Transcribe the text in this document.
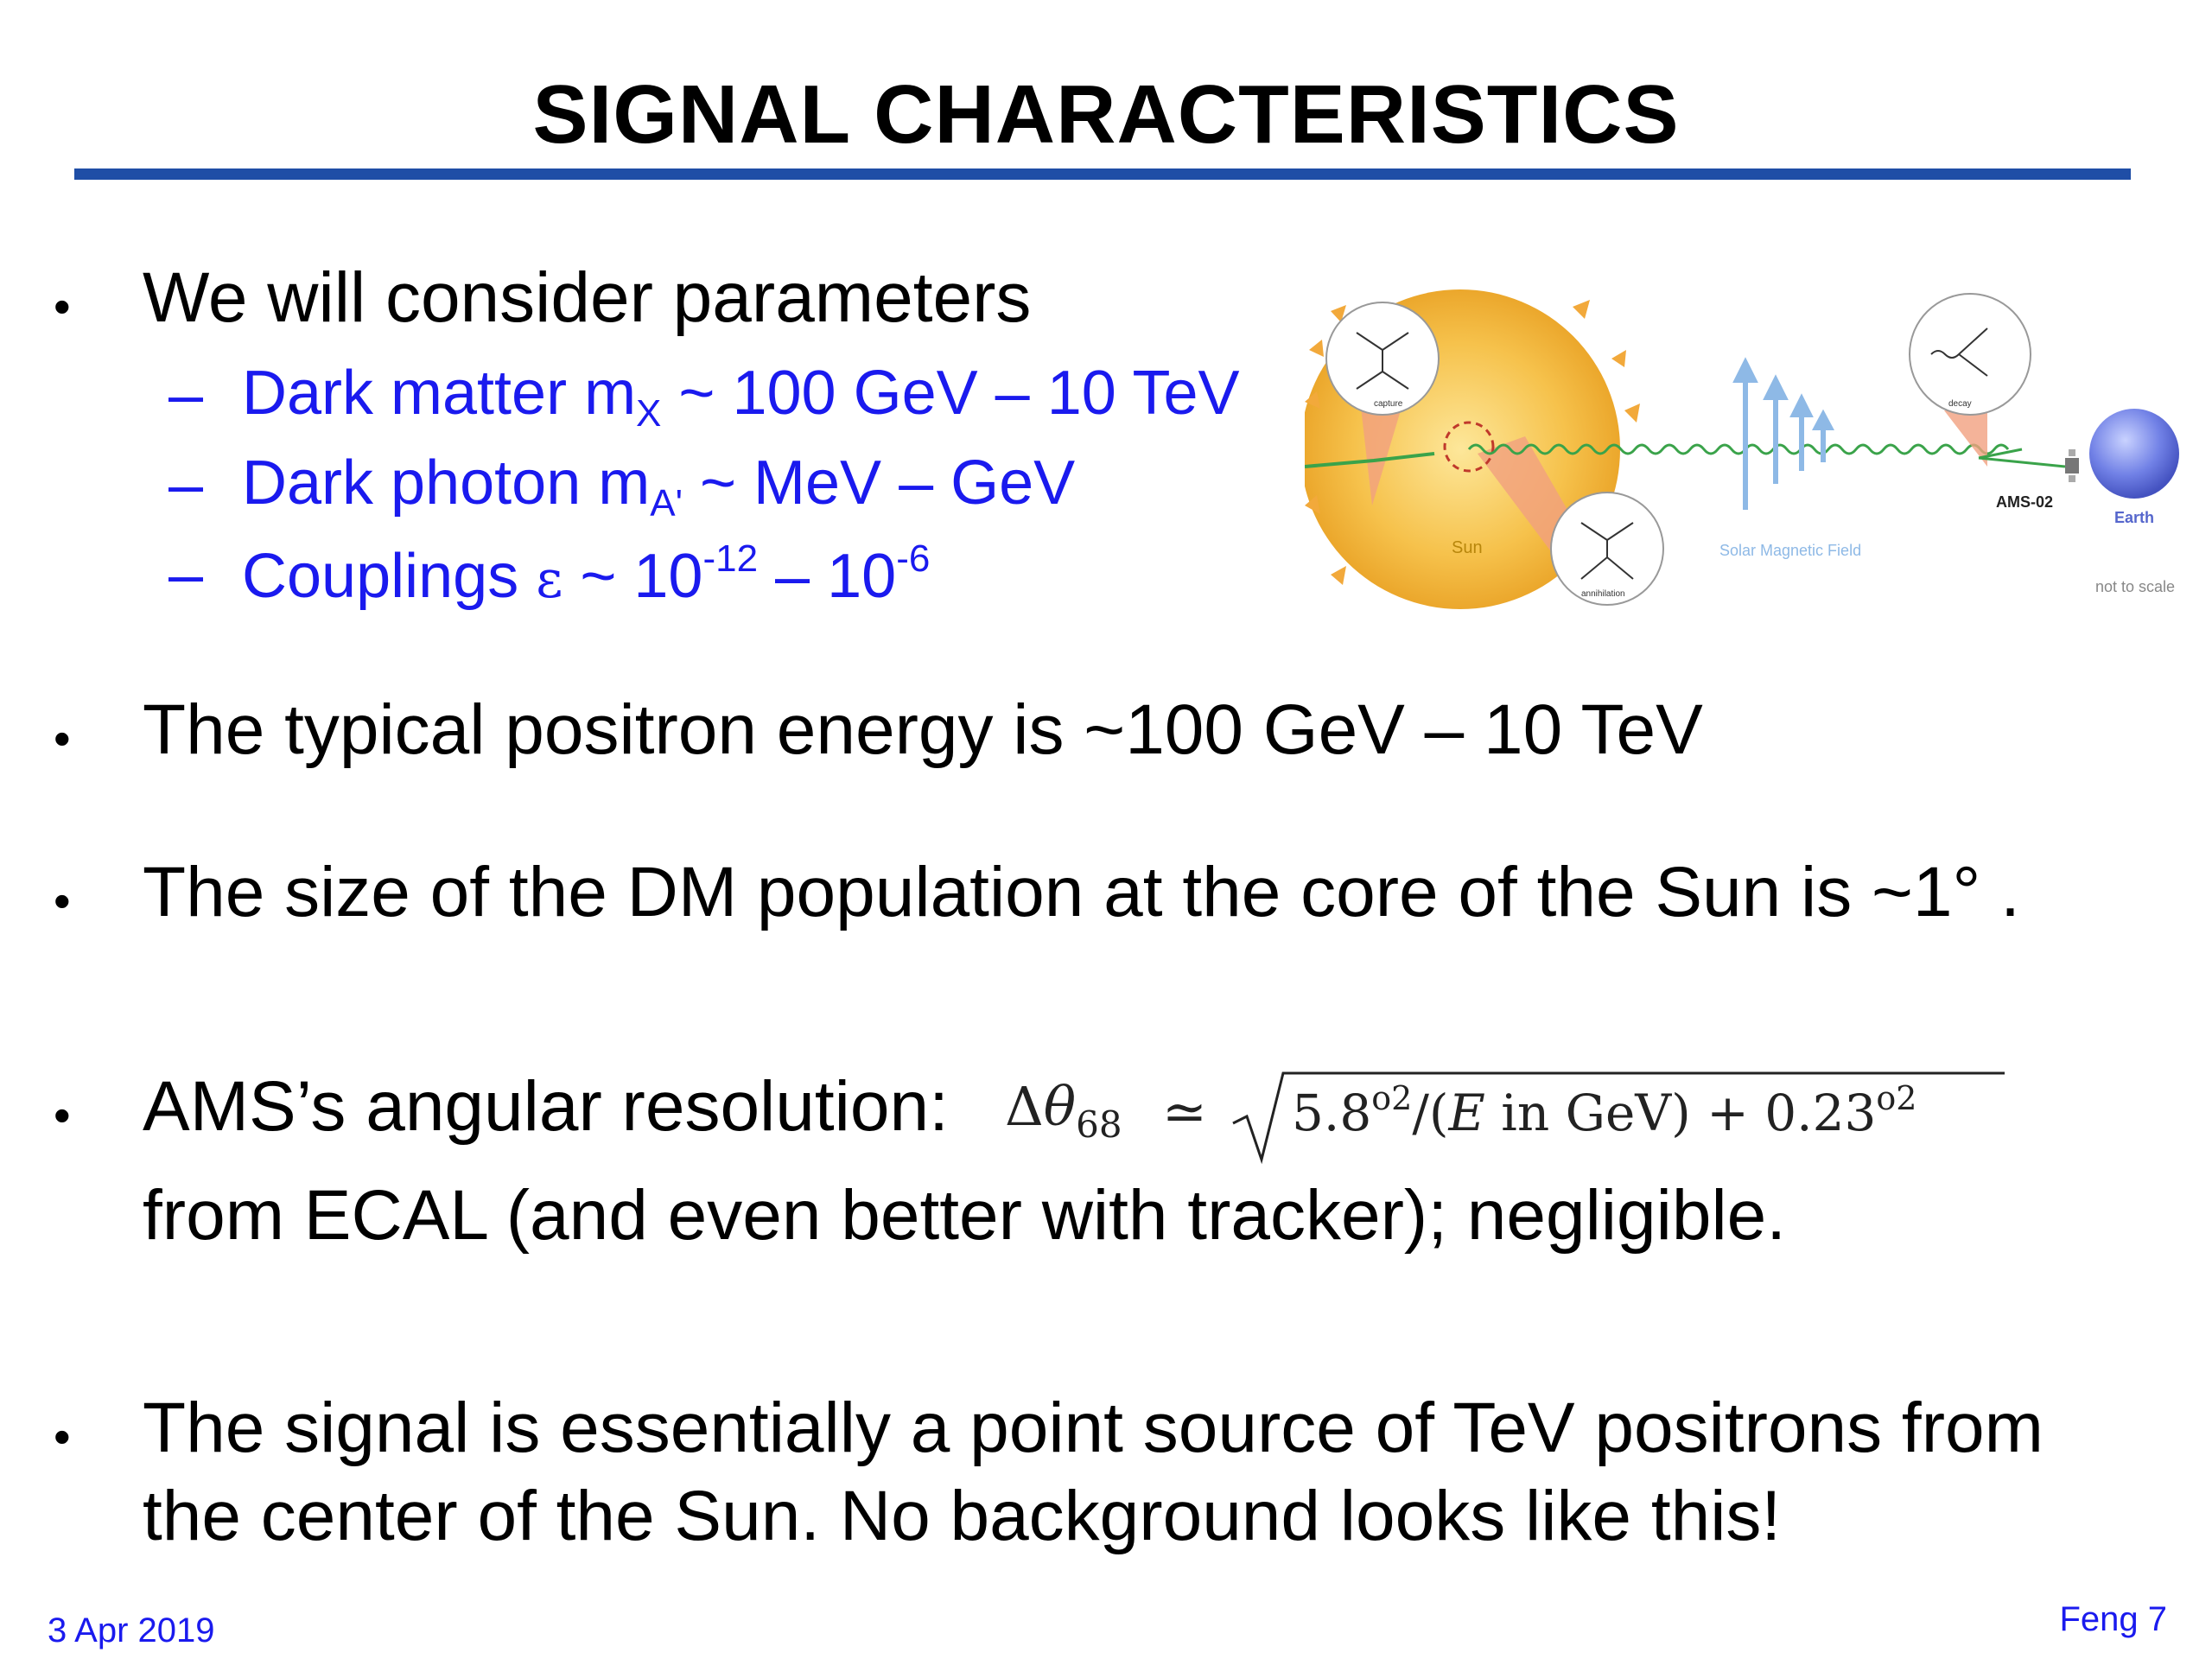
SIGNAL CHARACTERISTICS
• We will consider parameters
– Dark matter $m_X$ ~ 100 GeV – 10 TeV
– Dark photon $m_{A'}$ ~ MeV – GeV
– Couplings ε ~ $10^{-12} - 10^{-6}$
capture
annihilation
decay
Sun	Solar Magnetic Field
AMS-02
Earth
not to scale
• The typical positron energy is ~100 GeV – 10 TeV
• The size of the DM population at the core of the Sun is ~1° .
• AMS’s angular resolution: $\Delta\theta_{68}$ ≃ $5.8^{o2}/(E$ in $GeV) + 0.23^{o2}$
from ECAL (and even better with tracker); negligible.
• The signal is essentially a point source of TeV positrons from
the center of the Sun. No background looks like this!
3 Apr 2019	Feng 7
